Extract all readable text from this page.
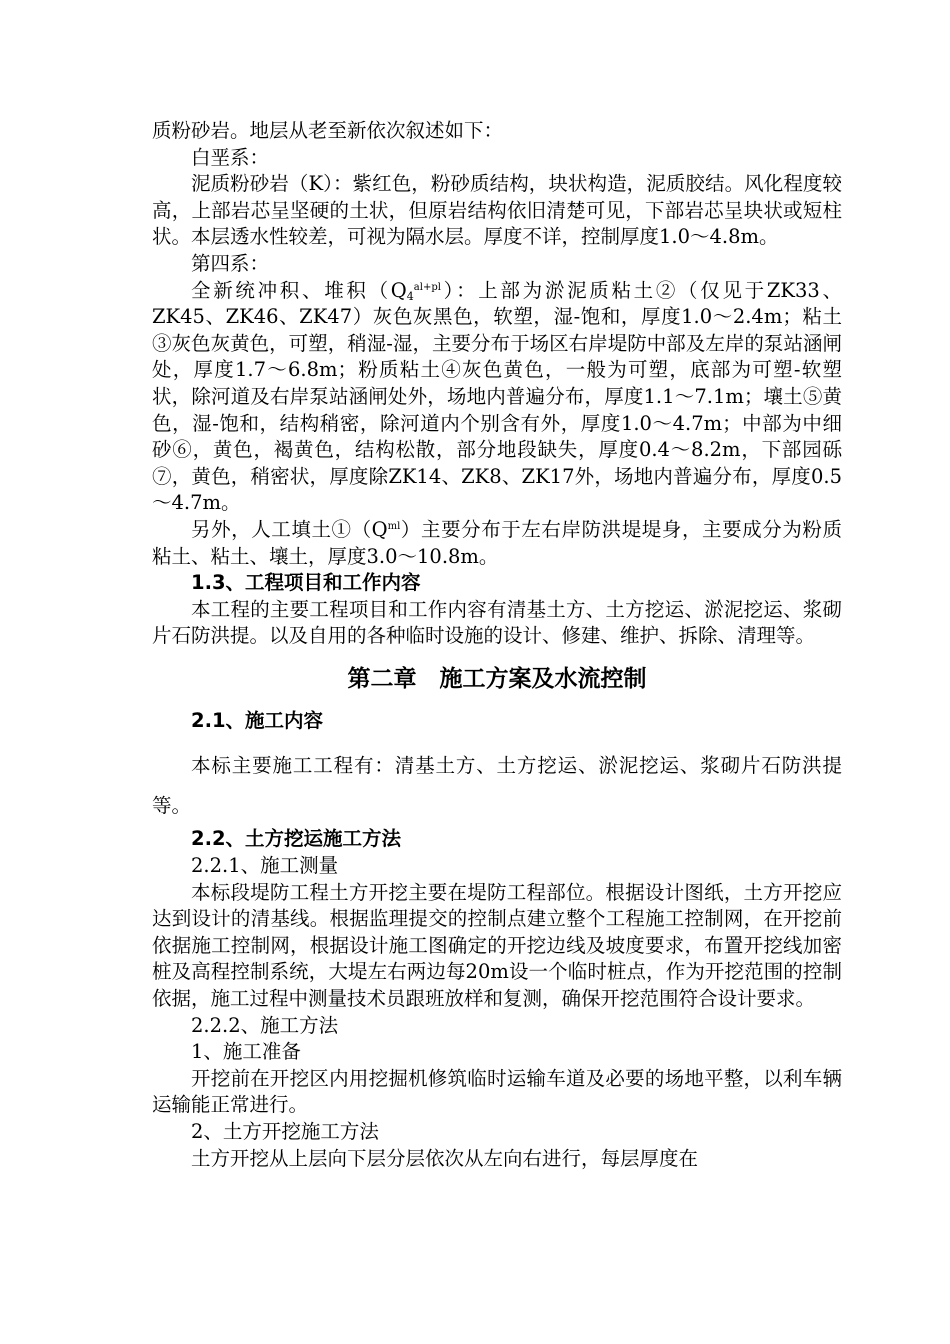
质粉砂岩。地层从老至新依次叙述如下：

白垩系：

泥质粉砂岩（K）：紫红色，粉砂质结构，块状构造，泥质胶结。风化程度较高，上部岩芯呈坚硬的土状，但原岩结构依旧清楚可见，下部岩芯呈块状或短柱状。本层透水性较差，可视为隔水层。厚度不详，控制厚度1.0～4.8m。

第四系：

全新统冲积、堆积$(Q_4^{al+pl})$：上部为淤泥质粘土②（仅见于ZK33、ZK45、ZK46、ZK47）灰色灰黑色，软塑，湿-饱和，厚度1.0～2.4m；粘土③灰色灰黄色，可塑，稍湿-湿，主要分布于场区右岸堤防中部及左岸的泵站涵闸处，厚度1.7～6.8m；粉质粘土④灰色黄色，一般为可塑，底部为可塑-软塑状，除河道及右岸泵站涵闸处外，场地内普遍分布，厚度1.1～7.1m；壤土⑤黄色，湿-饱和，结构稍密，除河道内个别含有外，厚度1.0～4.7m；中部为中细砂⑥，黄色，褐黄色，结构松散，部分地段缺失，厚度0.4～8.2m，下部园砾⑦，黄色，稍密状，厚度除ZK14、ZK8、ZK17外，场地内普遍分布，厚度0.5～4.7m。

另外，人工填土$①(Q^{ml})$主要分布于左右岸防洪堤堤身，主要成分为粉质粘土、粘土、壤土，厚度3.0～10.8m。

1.3、工程项目和工作内容

本工程的主要工程项目和工作内容有清基土方、土方挖运、淤泥挖运、浆砌片石防洪提。以及自用的各种临时设施的设计、修建、维护、拆除、清理等。

第二章　施工方案及水流控制

2.1、施工内容

本标主要施工工程有：清基土方、土方挖运、淤泥挖运、浆砌片石防洪提等。

2.2、土方挖运施工方法

2.2.1、施工测量

本标段堤防工程土方开挖主要在堤防工程部位。根据设计图纸，土方开挖应达到设计的清基线。根据监理提交的控制点建立整个工程施工控制网，在开挖前依据施工控制网，根据设计施工图确定的开挖边线及坡度要求，布置开挖线加密桩及高程控制系统，大堤左右两边每20m设一个临时桩点，作为开挖范围的控制依据，施工过程中测量技术员跟班放样和复测，确保开挖范围符合设计要求。

2.2.2、施工方法

1、施工准备

开挖前在开挖区内用挖掘机修筑临时运输车道及必要的场地平整，以利车辆运输能正常进行。

2、土方开挖施工方法

土方开挖从上层向下层分层依次从左向右进行，每层厚度在
